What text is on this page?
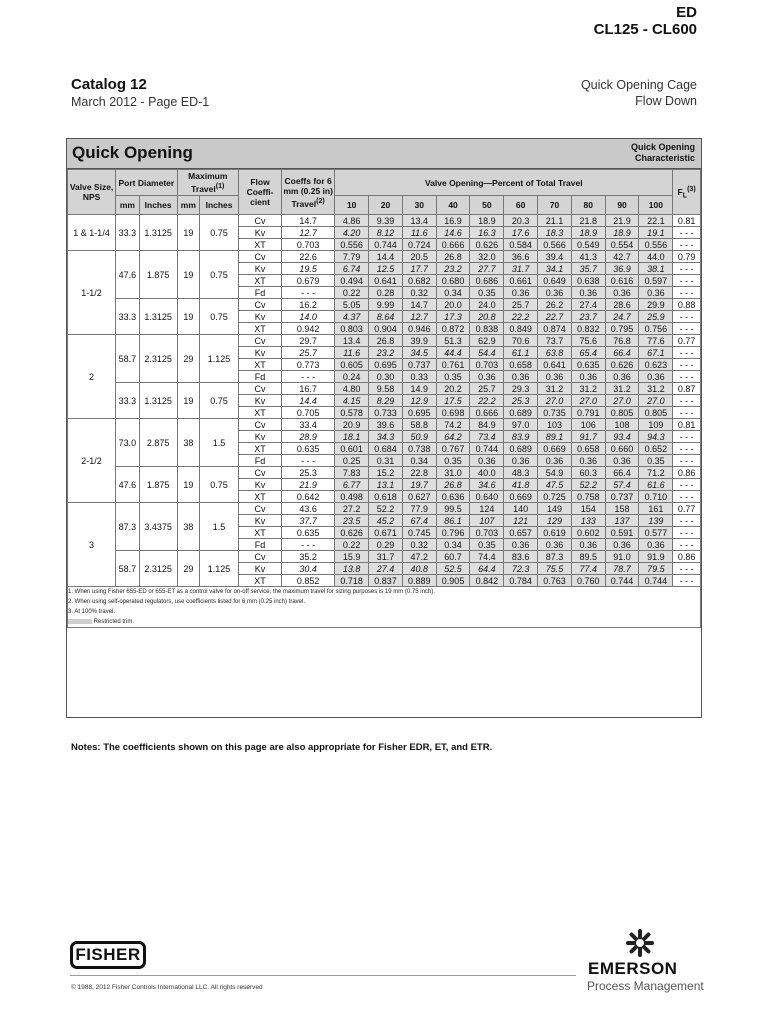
ED
CL125 - CL600
Catalog 12
March 2012 - Page ED-1
Quick Opening Cage
Flow Down
Quick Opening	Quick Opening
Characteristic
Valve Size, NPS	Port Diameter		Maximum Travel$^{(1)}$		Flow Coeffi-cient	Coeffs for 6 mm (0.25 in) Travel$^{(2)}$	Valve Opening—Percent of Total Travel										$F_L^{(3)}$
	mm	Inches	mm	Inches			10	20	30	40	50	60	70	80	90	100	
1 & 1-1/4	33.3	1.3125	19	0.75	Cv	14.7	4.86	9.39	13.4	16.9	18.9	20.3	21.1	21.8	21.9	22.1	0.81
					Kv	12.7	4.20	8.12	11.6	14.6	16.3	17.6	18.3	18.9	18.9	19.1	- - -
					XT	0.703	0.556	0.744	0.724	0.666	0.626	0.584	0.566	0.549	0.554	0.556	- - -
1-1/2	47.6	1.875	19	0.75	Cv	22.6	7.79	14.4	20.5	26.8	32.0	36.6	39.4	41.3	42.7	44.0	0.79
					Kv	19.5	6.74	12.5	17.7	23.2	27.7	31.7	34.1	35.7	36.9	38.1	- - -
					XT	0.679	0.494	0.641	0.682	0.680	0.686	0.661	0.649	0.638	0.616	0.597	- - -
					Fd	- - -	0.22	0.28	0.32	0.34	0.35	0.36	0.36	0.36	0.36	0.36	- - -
	33.3	1.3125	19	0.75	Cv	16.2	5.05	9.99	14.7	20.0	24.0	25.7	26.2	27.4	28.6	29.9	0.88
					Kv	14.0	4.37	8.64	12.7	17.3	20.8	22.2	22.7	23.7	24.7	25.9	- - -
					XT	0.942	0.803	0.904	0.946	0.872	0.838	0.849	0.874	0.832	0.795	0.756	- - -
2	58.7	2.3125	29	1.125	Cv	29.7	13.4	26.8	39.9	51.3	62.9	70.6	73.7	75.6	76.8	77.6	0.77
					Kv	25.7	11.6	23.2	34.5	44.4	54.4	61.1	63.8	65.4	66.4	67.1	- - -
					XT	0.773	0.605	0.695	0.737	0.761	0.703	0.658	0.641	0.635	0.626	0.623	- - -
					Fd	- - -	0.24	0.30	0.33	0.35	0.36	0.36	0.36	0.36	0.36	0.36	- - -
	33.3	1.3125	19	0.75	Cv	16.7	4.80	9.58	14.9	20.2	25.7	29.3	31.2	31.2	31.2	31.2	0.87
					Kv	14.4	4.15	8.29	12.9	17.5	22.2	25.3	27.0	27.0	27.0	27.0	- - -
					XT	0.705	0.578	0.733	0.695	0.698	0.666	0.689	0.735	0.791	0.805	0.805	- - -
2-1/2	73.0	2.875	38	1.5	Cv	33.4	20.9	39.6	58.8	74.2	84.9	97.0	103	106	108	109	0.81
					Kv	28.9	18.1	34.3	50.9	64.2	73.4	83.9	89.1	91.7	93.4	94.3	- - -
					XT	0.635	0.601	0.684	0.738	0.767	0.744	0.689	0.669	0.658	0.660	0.652	- - -
					Fd	- - -	0.25	0.31	0.34	0.35	0.36	0.36	0.36	0.36	0.36	0.35	- - -
	47.6	1.875	19	0.75	Cv	25.3	7.83	15.2	22.8	31.0	40.0	48.3	54.9	60.3	66.4	71.2	0.86
					Kv	21.9	6.77	13.1	19.7	26.8	34.6	41.8	47.5	52.2	57.4	61.6	- - -
					XT	0.642	0.498	0.618	0.627	0.636	0.640	0.669	0.725	0.758	0.737	0.710	- - -
3	87.3	3.4375	38	1.5	Cv	43.6	27.2	52.2	77.9	99.5	124	140	149	154	158	161	0.77
					Kv	37.7	23.5	45.2	67.4	86.1	107	121	129	133	137	139	- - -
					XT	0.635	0.626	0.671	0.745	0.796	0.703	0.657	0.619	0.602	0.591	0.577	- - -
					Fd	- - -	0.22	0.29	0.32	0.34	0.35	0.36	0.36	0.36	0.36	0.36	- - -
	58.7	2.3125	29	1.125	Cv	35.2	15.9	31.7	47.2	60.7	74.4	83.6	87.3	89.5	91.0	91.9	0.86
					Kv	30.4	13.8	27.4	40.8	52.5	64.4	72.3	75.5	77.4	78.7	79.5	- - -
					XT	0.852	0.718	0.837	0.889	0.905	0.842	0.784	0.763	0.760	0.744	0.744	- - -

1. When using Fisher 655-ED or 655-ET as a control valve for on-off service, the maximum travel for sizing purposes is 19 mm (0.75 inch).
2. When using self-operated regulators, use coefficients listed for 6 mm (0.25 inch) travel.
3. At 100% travel.
Restricted trim.																	
Notes: The coefficients shown on this page are also appropriate for Fisher EDR, ET, and ETR.
FISHER
© 1988, 2012 Fisher Controls International LLC. All rights reserved
EMERSON
Process Management
